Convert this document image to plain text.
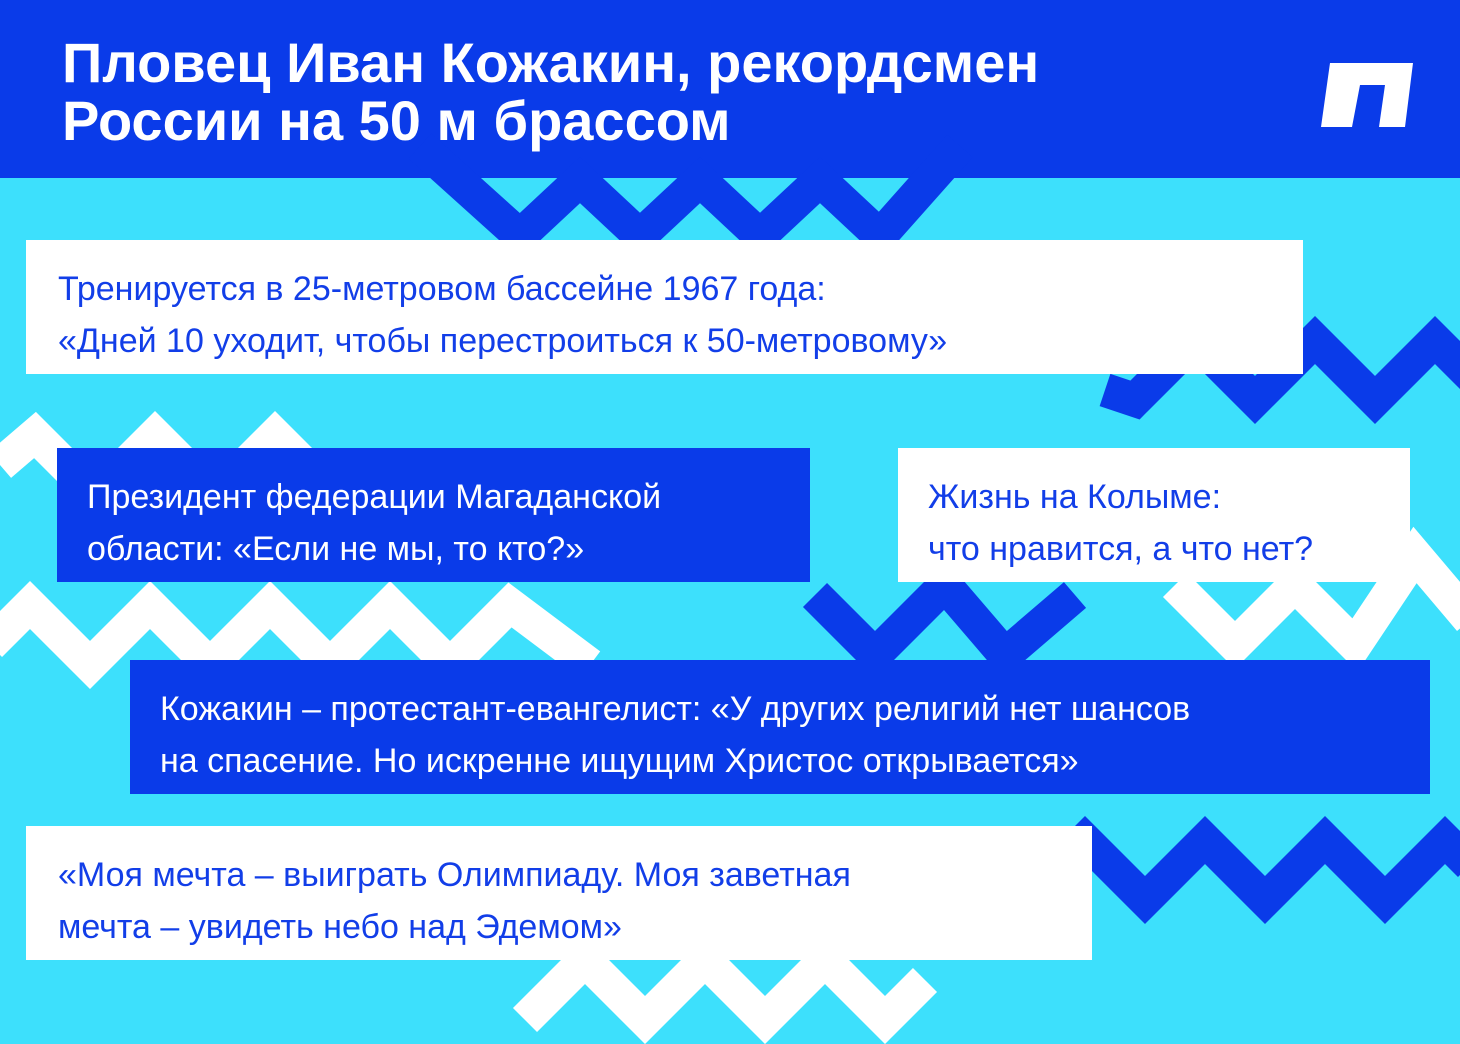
Пловец Иван Кожакин, рекордсмен
России на 50 м брассом
Тренируется в 25-метровом бассейне 1967 года:
«Дней 10 уходит, чтобы перестроиться к 50-метровому»
Президент федерации Магаданской
области: «Если не мы, то кто?»
Жизнь на Колыме:
что нравится, а что нет?
Кожакин – протестант-евангелист: «У других религий нет шансов
на спасение. Но искренне ищущим Христос открывается»
«Моя мечта – выиграть Олимпиаду. Моя заветная
мечта – увидеть небо над Эдемом»
